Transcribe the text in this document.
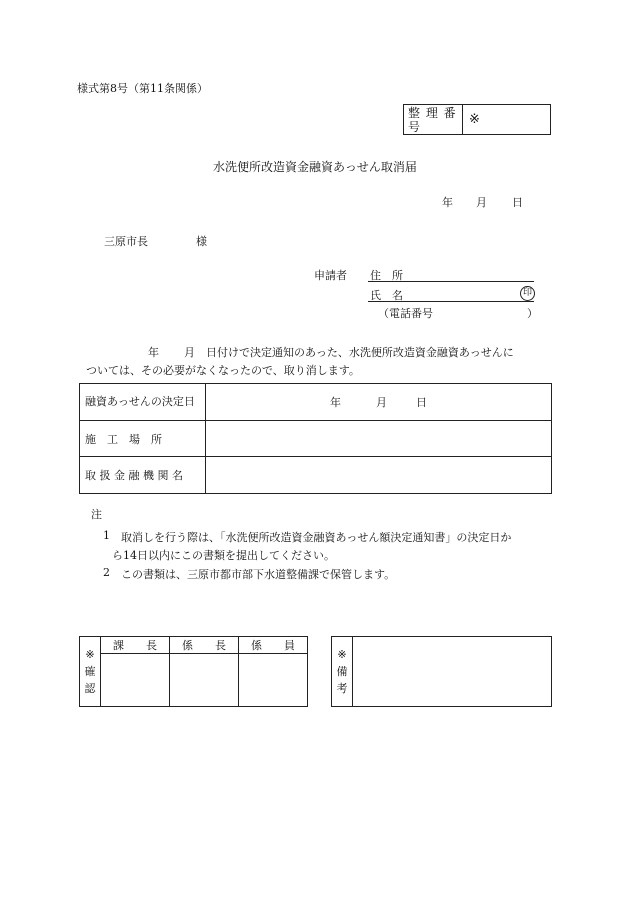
様式第8号（第11条関係）
整 理 番 号	※
水洗便所改造資金融資あっせん取消届
年 月 日
三原市長	様
申請者 住　所
氏　名	印
（電話番号	）
年 月 日付けで決定通知のあった、水洗便所改造資金融資あっせんに
ついては、その必要がなくなったので、取り消します。
融資あっせんの決定日	年 月 日
施　工　場　所	
取 扱 金 融 機 関 名	
注
1 取消しを行う際は、「水洗便所改造資金融資あっせん額決定通知書」の決定日か
ら14日以内にこの書類を提出してください。
2 この書類は、三原市都市部下水道整備課で保管します。
※
確認	課　　長	係　　長	係　　員

※
備考
